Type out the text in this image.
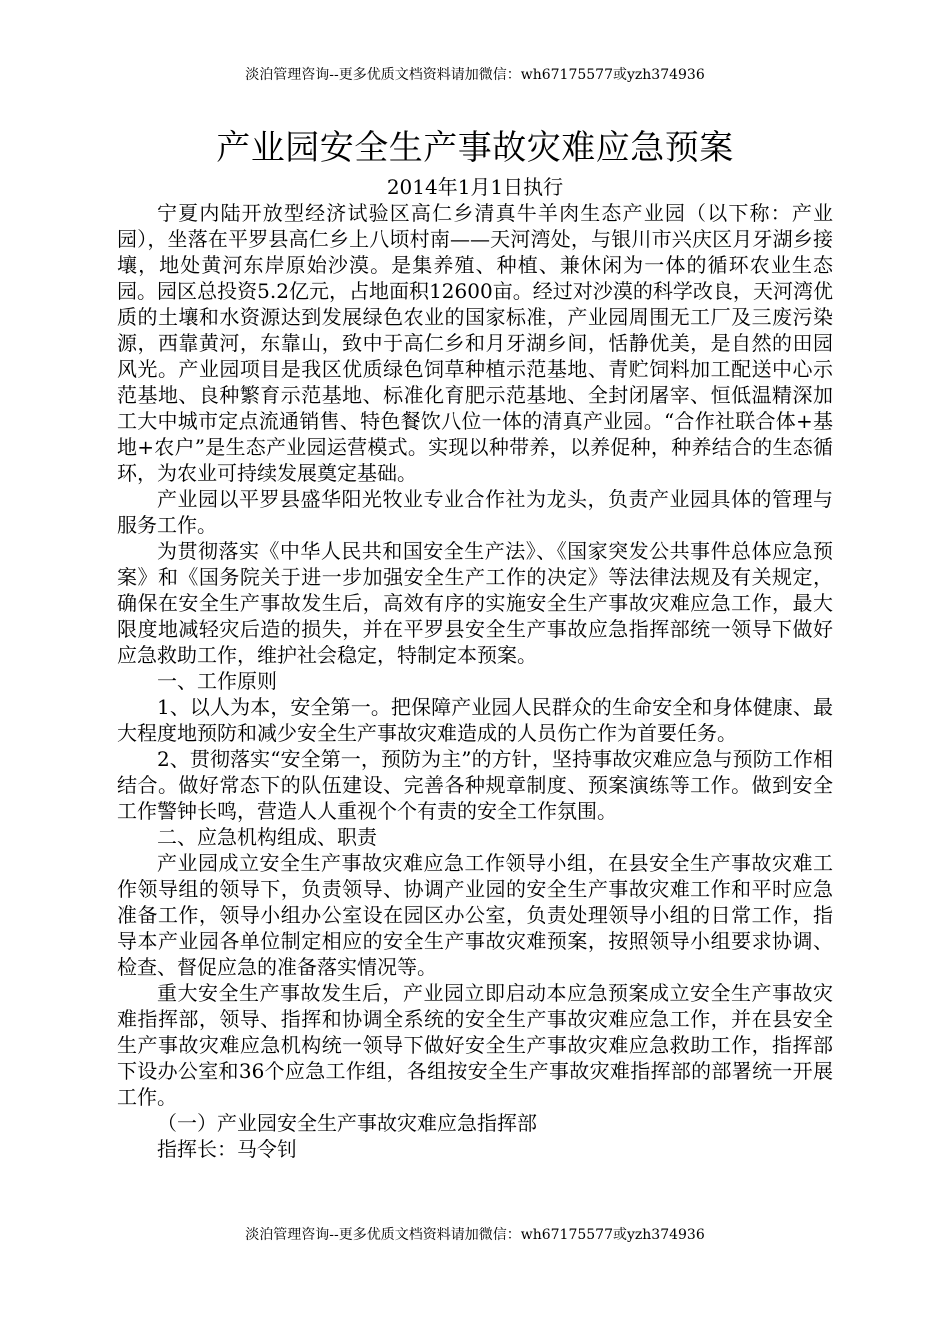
淡泊管理咨询--更多优质文档资料请加微信：wh67175577或yzh374936
产业园安全生产事故灾难应急预案

2014年1月1日执行

宁夏内陆开放型经济试验区高仁乡清真牛羊肉生态产业园（以下称：产业园），坐落在平罗县高仁乡上八顷村南——天河湾处，与银川市兴庆区月牙湖乡接壤，地处黄河东岸原始沙漠。是集养殖、种植、兼休闲为一体的循环农业生态园。园区总投资5.2亿元，占地面积12600亩。经过对沙漠的科学改良，天河湾优质的土壤和水资源达到发展绿色农业的国家标准，产业园周围无工厂及三废污染源，西靠黄河，东靠山，致中于高仁乡和月牙湖乡间，恬静优美，是自然的田园风光。产业园项目是我区优质绿色饲草种植示范基地、青贮饲料加工配送中心示范基地、良种繁育示范基地、标准化育肥示范基地、全封闭屠宰、恒低温精深加工大中城市定点流通销售、特色餐饮八位一体的清真产业园。“合作社联合体+基地+农户”是生态产业园运营模式。实现以种带养，以养促种，种养结合的生态循环，为农业可持续发展奠定基础。

产业园以平罗县盛华阳光牧业专业合作社为龙头，负责产业园具体的管理与服务工作。

为贯彻落实《中华人民共和国安全生产法》、《国家突发公共事件总体应急预案》和《国务院关于进一步加强安全生产工作的决定》等法律法规及有关规定，确保在安全生产事故发生后，高效有序的实施安全生产事故灾难应急工作，最大限度地减轻灾后造的损失，并在平罗县安全生产事故应急指挥部统一领导下做好应急救助工作，维护社会稳定，特制定本预案。

一、工作原则

1、以人为本，安全第一。把保障产业园人民群众的生命安全和身体健康、最大程度地预防和减少安全生产事故灾难造成的人员伤亡作为首要任务。

2、贯彻落实“安全第一，预防为主”的方针，坚持事故灾难应急与预防工作相结合。做好常态下的队伍建设、完善各种规章制度、预案演练等工作。做到安全工作警钟长鸣，营造人人重视个个有责的安全工作氛围。

二、应急机构组成、职责

产业园成立安全生产事故灾难应急工作领导小组，在县安全生产事故灾难工作领导组的领导下，负责领导、协调产业园的安全生产事故灾难工作和平时应急准备工作，领导小组办公室设在园区办公室，负责处理领导小组的日常工作，指导本产业园各单位制定相应的安全生产事故灾难预案，按照领导小组要求协调、检查、督促应急的准备落实情况等。

重大安全生产事故发生后，产业园立即启动本应急预案成立安全生产事故灾难指挥部，领导、指挥和协调全系统的安全生产事故灾难应急工作，并在县安全生产事故灾难应急机构统一领导下做好安全生产事故灾难应急救助工作，指挥部下设办公室和36个应急工作组，各组按安全生产事故灾难指挥部的部署统一开展工作。

（一）产业园安全生产事故灾难应急指挥部

指挥长：马令钊

淡泊管理咨询--更多优质文档资料请加微信：wh67175577或yzh374936
